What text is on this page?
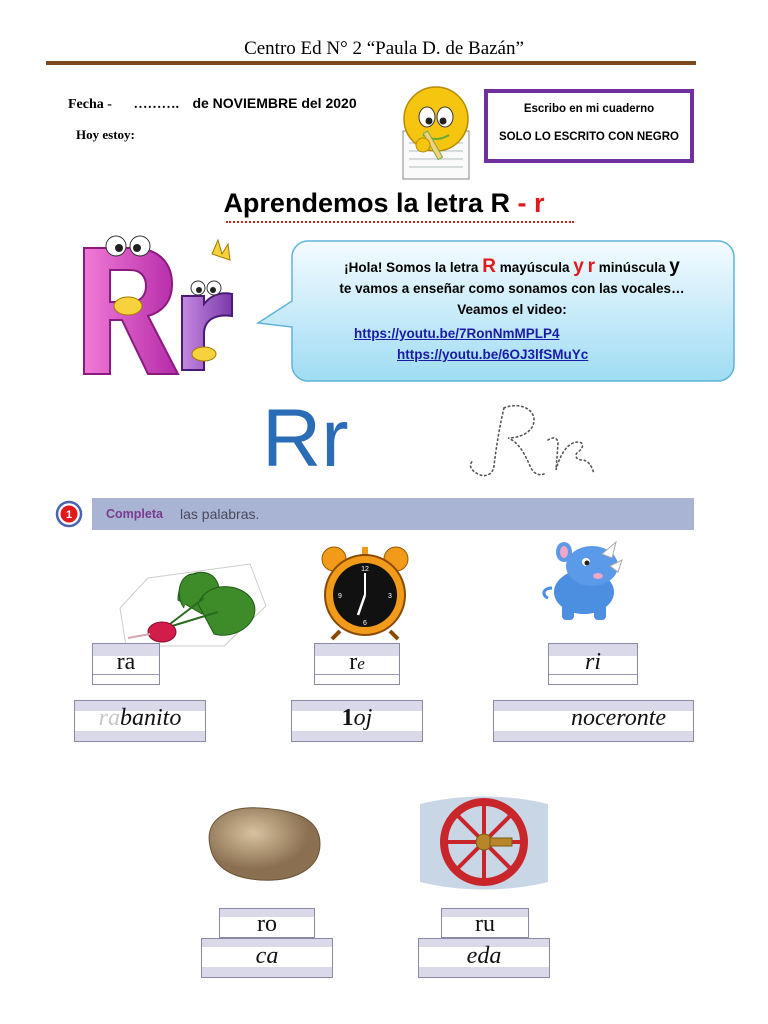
Centro Ed N° 2 “Paula D. de Bazán”
Fecha - ………. de NOVIEMBRE del 2020
Hoy estoy:
Escribo en mi cuaderno
SOLO LO ESCRITO CON NEGRO
Aprendemos la letra R - r
¡Hola! Somos la letra R mayúscula y r minúscula y
te vamos a enseñar como sonamos con las vocales…
Veamos el video:
https://youtu.be/7RonNmMPLP4
https://youtu.be/6OJ3lfSMuYc
Rr
1	Completa las palabras.
12
3
6
9
ra	re	ri
rabanito	1oj	noceronte
ro
ca
ru
eda
